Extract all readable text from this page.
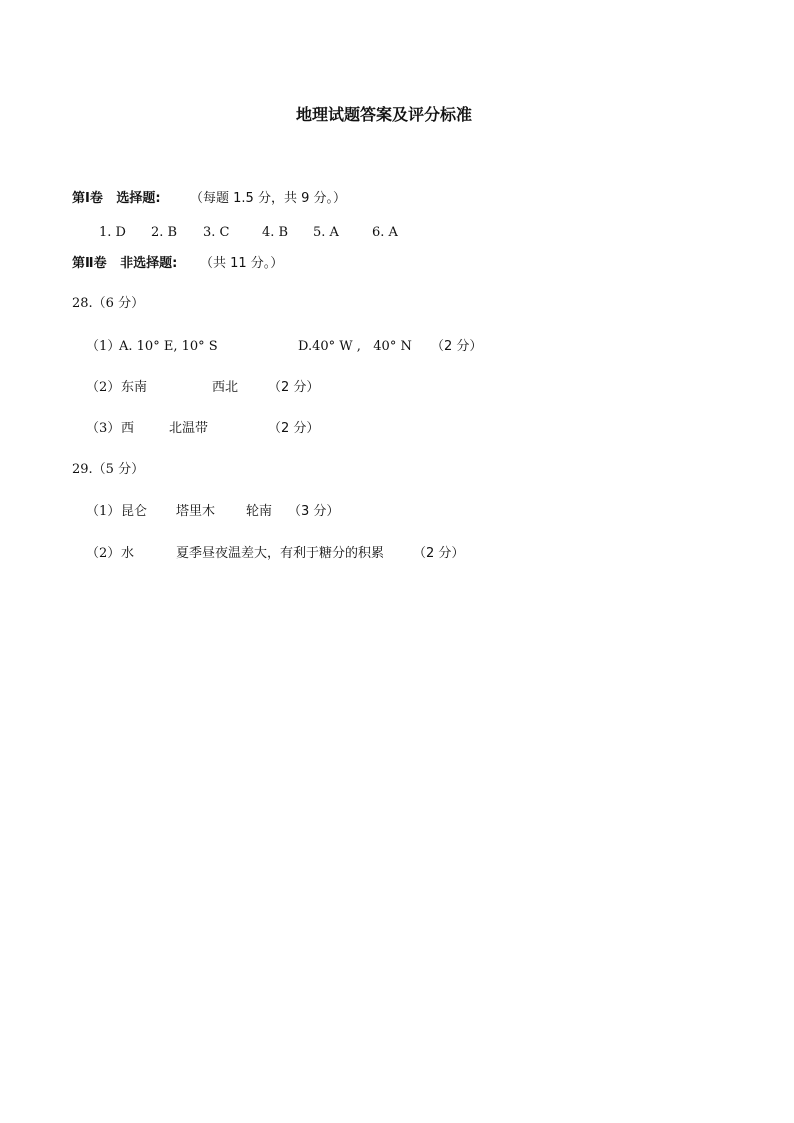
地理试题答案及评分标准
第Ⅰ卷   选择题: （每题 1.5 分，共 9 分。）
1. D 2. B 3. C	4. B 5. A	6. A
第Ⅱ卷   非选择题: （共 11 分。）
28.（6 分）
（1）
A. 10° E, 10° S	D.40° W ,   40° N （2 分）
（2） 东南	西北 （2 分）
（3） 西	北温带	（2 分）
29.（5 分）
（1） 昆仑 塔里木 轮南 （3 分）
（2） 水	夏季昼夜温差大，有利于糖分的积累 （2 分）
